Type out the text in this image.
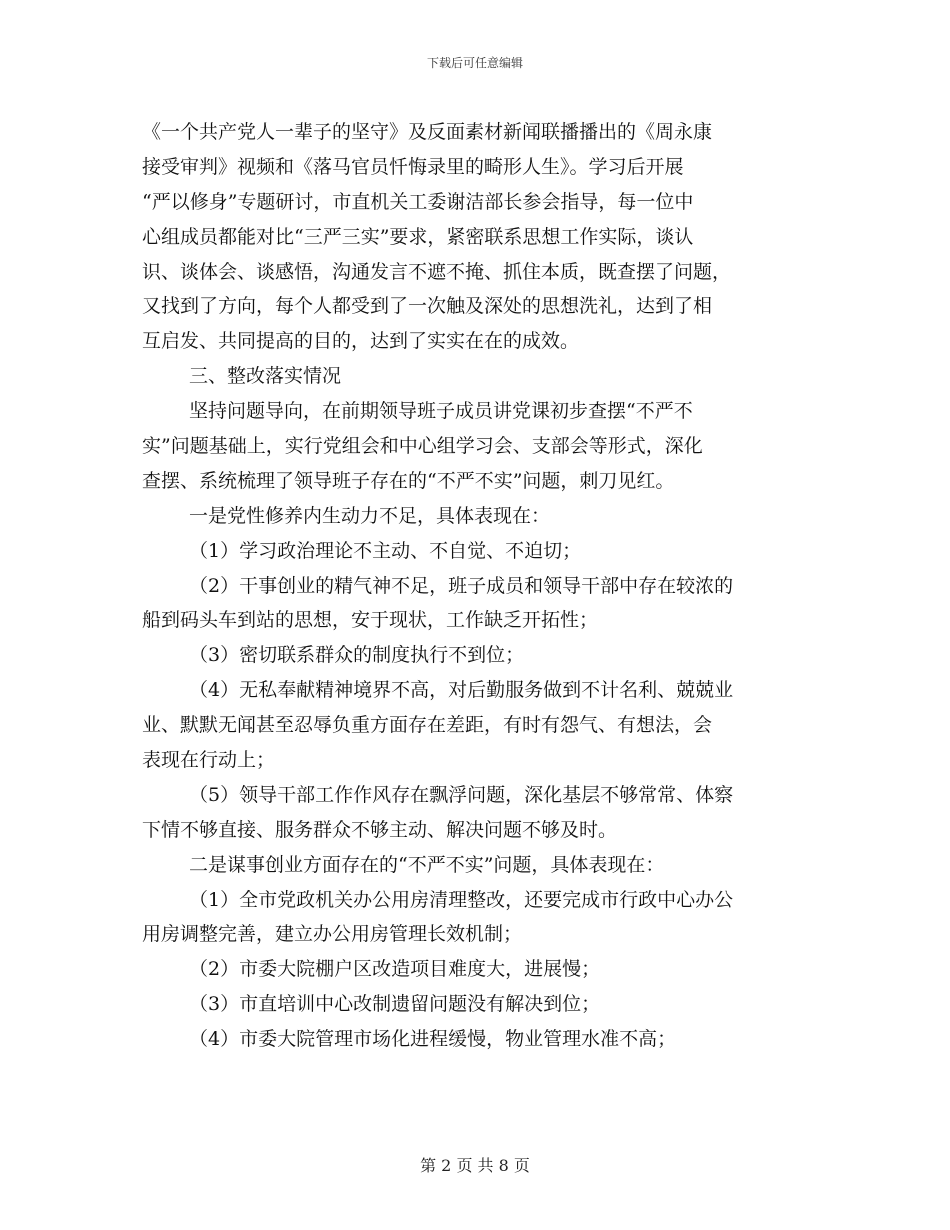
下载后可任意编辑
《一个共产党人一辈子的坚守》及反面素材新闻联播播出的《周永康
接受审判》视频和《落马官员忏悔录里的畸形人生》。学习后开展
“严以修身”专题研讨，市直机关工委谢洁部长参会指导，每一位中
心组成员都能对比“三严三实”要求，紧密联系思想工作实际，谈认
识、谈体会、谈感悟，沟通发言不遮不掩、抓住本质，既查摆了问题，
又找到了方向，每个人都受到了一次触及深处的思想洗礼，达到了相
互启发、共同提高的目的，达到了实实在在的成效。
三、整改落实情况
坚持问题导向，在前期领导班子成员讲党课初步查摆“不严不
实”问题基础上，实行党组会和中心组学习会、支部会等形式，深化
查摆、系统梳理了领导班子存在的“不严不实”问题，刺刀见红。
一是党性修养内生动力不足，具体表现在：
（1）学习政治理论不主动、不自觉、不迫切；
（2）干事创业的精气神不足，班子成员和领导干部中存在较浓的
船到码头车到站的思想，安于现状，工作缺乏开拓性；
（3）密切联系群众的制度执行不到位；
（4）无私奉献精神境界不高，对后勤服务做到不计名利、兢兢业
业、默默无闻甚至忍辱负重方面存在差距，有时有怨气、有想法，会
表现在行动上；
（5）领导干部工作作风存在飘浮问题，深化基层不够常常、体察
下情不够直接、服务群众不够主动、解决问题不够及时。
二是谋事创业方面存在的“不严不实”问题，具体表现在：
（1）全市党政机关办公用房清理整改，还要完成市行政中心办公
用房调整完善，建立办公用房管理长效机制；
（2）市委大院棚户区改造项目难度大，进展慢；
（3）市直培训中心改制遗留问题没有解决到位；
（4）市委大院管理市场化进程缓慢，物业管理水准不高；
第 2 页 共 8 页
